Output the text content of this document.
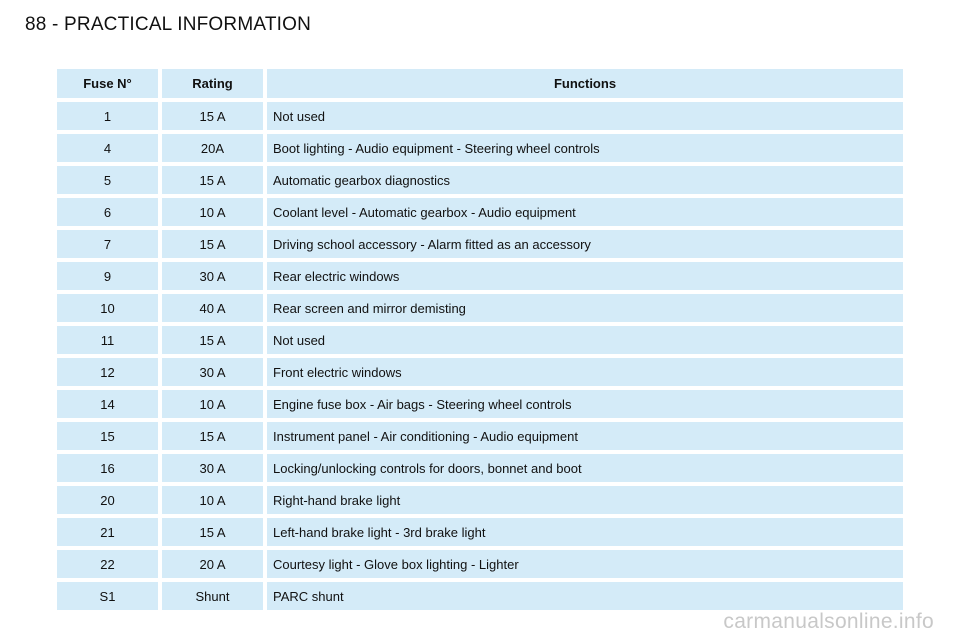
88 - PRACTICAL INFORMATION
Fuse N°	Rating	Functions
1	15 A	Not used
4	20A	Boot lighting - Audio equipment - Steering wheel controls
5	15 A	Automatic gearbox diagnostics
6	10 A	Coolant level - Automatic gearbox - Audio equipment
7	15 A	Driving school accessory - Alarm fitted as an accessory
9	30 A	Rear electric windows
10	40 A	Rear screen and mirror demisting
11	15 A	Not used
12	30 A	Front electric windows
14	10 A	Engine fuse box - Air bags - Steering wheel controls
15	15 A	Instrument panel - Air conditioning - Audio equipment
16	30 A	Locking/unlocking controls for doors, bonnet and boot
20	10 A	Right-hand brake light
21	15 A	Left-hand brake light - 3rd brake light
22	20 A	Courtesy light - Glove box lighting - Lighter
S1	Shunt	PARC shunt
carmanualsonline.info
